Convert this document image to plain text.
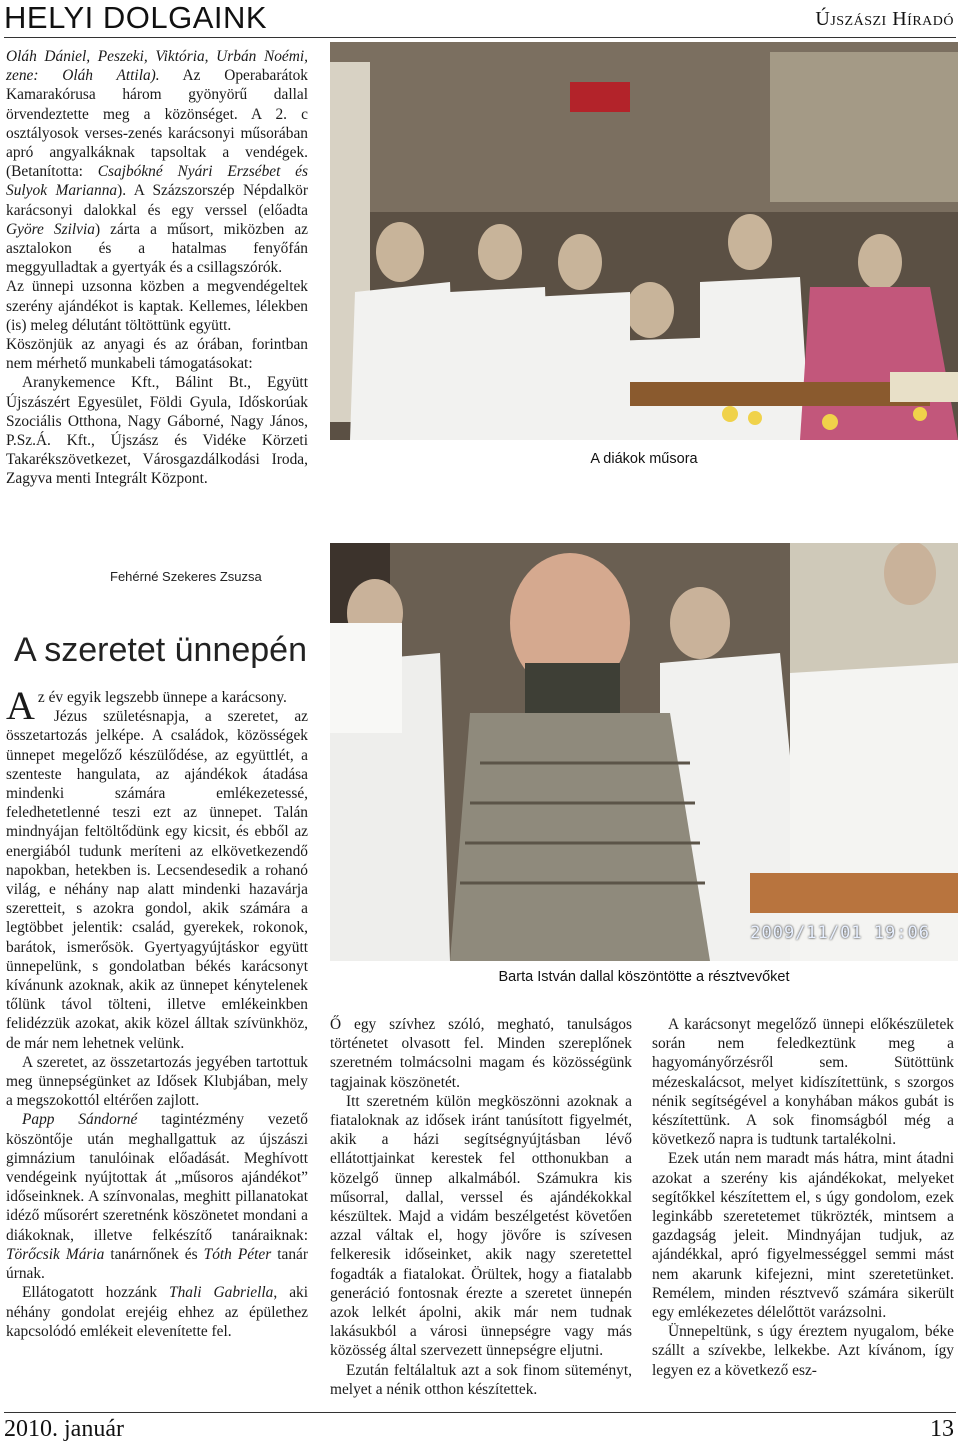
HELYI DOLGAINK	Újszászi Híradó

Oláh Dániel, Peszeki, Viktória, Urbán Noémi, zene: Oláh Attila). Az Operabarátok Kamarakórusa három gyönyörű dallal örvendeztette meg a közönséget. A 2. c osztályosok verses-zenés karácsonyi műsorában apró angyalkáknak tapsoltak a vendégek. (Betanította: Csajbókné Nyári Erzsébet és Sulyok Marianna). A Százszorszép Népdalkör karácsonyi dalokkal és egy verssel (előadta Györe Szilvia) zárta a műsort, miközben az asztalokon és a hatalmas fenyőfán meggyulladtak a gyertyák és a csillagszórók.

Az ünnepi uzsonna közben a megvendégeltek szerény ajándékot is kaptak. Kellemes, lélekben (is) meleg délutánt töltöttünk együtt.

Köszönjük az anyagi és az órában, forintban nem mérhető munkabeli támogatásokat:

Aranykemence Kft., Bálint Bt., Együtt Újszászért Egyesület, Földi Gyula, Időskorúak Szociális Otthona, Nagy Gáborné, Nagy János, P.Sz.Á. Kft., Újszász és Vidéke Körzeti Takarékszövetkezet, Városgazdálkodási Iroda, Zagyva menti Integrált Központ.

Fehérné Szekeres Zsuzsa
A diákok műsora
A szeretet ünnepén

Az év egyik legszebb ünnepe a karácsony.

Jézus születésnapja, a szeretet, az összetartozás jelképe. A családok, közösségek ünnepet megelőző készülődése, az együttlét, a szenteste hangulata, az ajándékok átadása mindenki számára emlékezetessé, feledhetetlenné teszi ezt az ünnepet. Talán mindnyájan feltöltődünk egy kicsit, és ebből az energiából tudunk meríteni az elkövetkezendő napokban, hetekben is. Lecsendesedik a rohanó világ, e néhány nap alatt mindenki hazavárja szeretteit, s azokra gondol, akik számára a legtöbbet jelentik: család, gyerekek, rokonok, barátok, ismerősök. Gyertyagyújtáskor együtt ünnepelünk, s gondolatban békés karácsonyt kívánunk azoknak, akik az ünnepet kénytelenek tőlünk távol tölteni, illetve emlékeinkben felidézzük azokat, akik közel álltak szívünkhöz, de már nem lehetnek velünk.

A szeretet, az összetartozás jegyében tartottuk meg ünnepségünket az Idősek Klubjában, mely a megszokottól eltérően zajlott.

Papp Sándorné tagintézmény vezető köszöntője után meghallgattuk az újszászi gimnázium tanulóinak előadását. Meghívott vendégeink nyújtottak át „műsoros ajándékot” időseinknek. A színvonalas, meghitt pillanatokat idéző műsorért szeretnénk köszönetet mondani a diákoknak, illetve felkészítő tanáraiknak: Törőcsik Mária tanárnőnek és Tóth Péter tanár úrnak.

Ellátogatott hozzánk Thali Gabriella, aki néhány gondolat erejéig ehhez az épülethez kapcsolódó emlékeit elevenítette fel.

2009/11/01 19:06
Barta István dallal köszöntötte a résztvevőket

Ő egy szívhez szóló, megható, tanulságos történetet olvasott fel. Minden szereplőnek szeretném tolmácsolni magam és közösségünk tagjainak köszönetét.

Itt szeretném külön megköszönni azoknak a fiataloknak az idősek iránt tanúsított figyelmét, akik a házi segítségnyújtásban lévő ellátottjainkat kerestek fel otthonukban a közelgő ünnep alkalmából. Számukra kis műsorral, dallal, verssel és ajándékokkal készültek. Majd a vidám beszélgetést követően azzal váltak el, hogy jövőre is szívesen felkeresik időseinket, akik nagy szeretettel fogadták a fiatalokat. Örültek, hogy a fiatalabb generáció fontosnak érezte a szeretet ünnepén azok lelkét ápolni, akik már nem tudnak lakásukból a városi ünnepségre vagy más közösség által szervezett ünnepségre eljutni.

Ezután feltálaltuk azt a sok finom süteményt, melyet a nénik otthon készítettek.

A karácsonyt megelőző ünnepi előkészületek során nem feledkeztünk meg a hagyományőrzésről sem. Sütöttünk mézeskalácsot, melyet kidíszítettünk, s szorgos nénik segítségével a konyhában mákos gubát is készítettünk. A sok finomságból még a következő napra is tudtunk tartalékolni.

Ezek után nem maradt más hátra, mint átadni azokat a szerény kis ajándékokat, melyeket segítőkkel készítettem el, s úgy gondolom, ezek leginkább szeretetemet tükrözték, mintsem a gazdagság jeleit. Mindnyájan tudjuk, az ajándékkal, apró figyelmességgel semmi mást nem akarunk kifejezni, mint szeretetünket. Remélem, minden résztvevő számára sikerült egy emlékezetes délelőttöt varázsolni.

Ünnepeltünk, s úgy éreztem nyugalom, béke szállt a szívekbe, lelkekbe. Azt kívánom, így legyen ez a következő esz-

2010. január	13
